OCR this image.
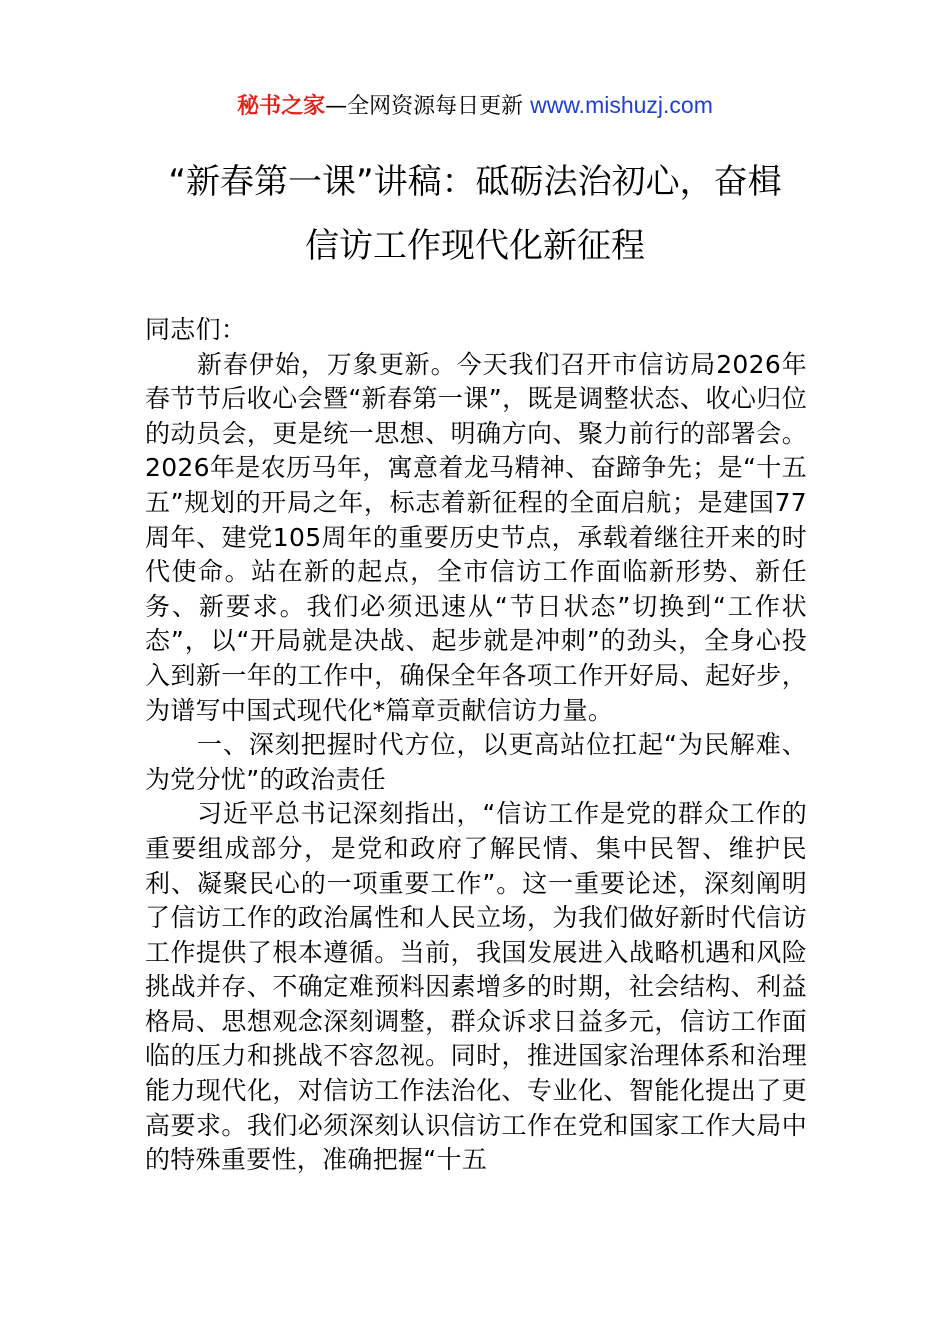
秘书之家—全网资源每日更新 www.mishuzj.com
“新春第一课”讲稿：砥砺法治初心，奋楫
信访工作现代化新征程

同志们：

新春伊始，万象更新。今天我们召开市信访局2026年春节节后收心会暨“新春第一课”，既是调整状态、收心归位的动员会，更是统一思想、明确方向、聚力前行的部署会。2026年是农历马年，寓意着龙马精神、奋蹄争先；是“十五五”规划的开局之年，标志着新征程的全面启航；是建国77周年、建党105周年的重要历史节点，承载着继往开来的时代使命。站在新的起点，全市信访工作面临新形势、新任务、新要求。我们必须迅速从“节日状态”切换到“工作状态”，以“开局就是决战、起步就是冲刺”的劲头，全身心投入到新一年的工作中，确保全年各项工作开好局、起好步，为谱写中国式现代化*篇章贡献信访力量。

一、深刻把握时代方位，以更高站位扛起“为民解难、为党分忧”的政治责任

习近平总书记深刻指出，“信访工作是党的群众工作的重要组成部分，是党和政府了解民情、集中民智、维护民利、凝聚民心的一项重要工作”。这一重要论述，深刻阐明了信访工作的政治属性和人民立场，为我们做好新时代信访工作提供了根本遵循。当前，我国发展进入战略机遇和风险挑战并存、不确定难预料因素增多的时期，社会结构、利益格局、思想观念深刻调整，群众诉求日益多元，信访工作面临的压力和挑战不容忽视。同时，推进国家治理体系和治理能力现代化，对信访工作法治化、专业化、智能化提出了更高要求。我们必须深刻认识信访工作在党和国家工作大局中的特殊重要性，准确把握“十五
